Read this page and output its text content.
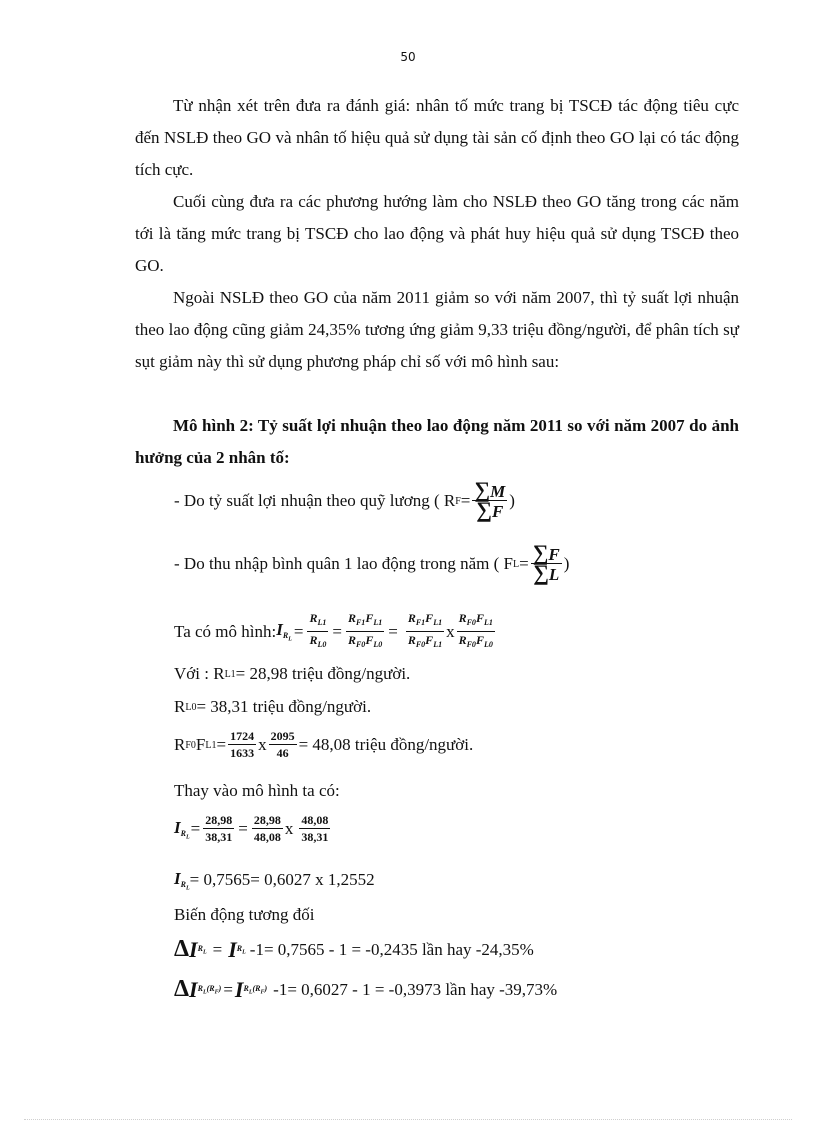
50

Từ nhận xét trên đưa ra đánh giá: nhân tố mức trang bị TSCĐ tác động tiêu cực đến NSLĐ theo GO và nhân tố hiệu quả sử dụng tài sản cố định theo GO lại có tác động tích cực.

Cuối cùng đưa ra các phương hướng làm cho NSLĐ theo GO tăng trong các năm tới là tăng mức trang bị TSCĐ cho lao động và phát huy hiệu quả sử dụng TSCĐ theo GO.

Ngoài NSLĐ theo GO của năm 2011 giảm so với năm 2007, thì tỷ suất lợi nhuận theo lao động cũng giảm 24,35% tương ứng giảm 9,33 triệu đồng/người, để phân tích sự sụt giảm này thì sử dụng phương pháp chỉ số với mô hình sau:

Mô hình 2: Tỷ suất lợi nhuận theo lao động năm 2011 so với năm 2007 do ảnh hưởng của 2 nhân tố:

- Do tỷ suất lợi nhuận theo quỹ lương ( R $F = \frac{\sum M}{\sum F}$ )
- Do thu nhập bình quân 1 lao động trong năm ( F $L = \frac{\sum F}{\sum L}$ )
Ta có mô hình: $IR_L = \frac{R_{L1}}{R_{L0}} = \frac{R_{F1}F_{L1}}{R_{F0}F_{L0}} = \frac{R_{F1}F_{L1}}{R_{F0}F_{L1}}$ x $\frac{R_{F0}F_{L1}}{R_{F0}F_{L0}}$
Với : R L1 = 28,98 triệu đồng/người.
R L0 = 38,31 triệu đồng/người.
R F0 F $L1 = \frac{1724}{1633}$ x $\frac{2095}{46} = 48,08$ triệu đồng/người.
Thay vào mô hình ta có:
$IR_L = \frac{28,98}{38,31} = \frac{28,98}{48,08}$ x $\frac{48,08}{38,31}$
$IR_L = 0,7565= 0,6027$ x 1,2552
Biến động tương đối
Δ I $R_L = I$ $R_L$ -1= 0,7565 - 1 = -0,2435 lần hay -24,35%
Δ I $R_L(R_F) = I$ $R_L(R_F)$ -1= 0,6027 - 1 = -0,3973 lần hay -39,73%
